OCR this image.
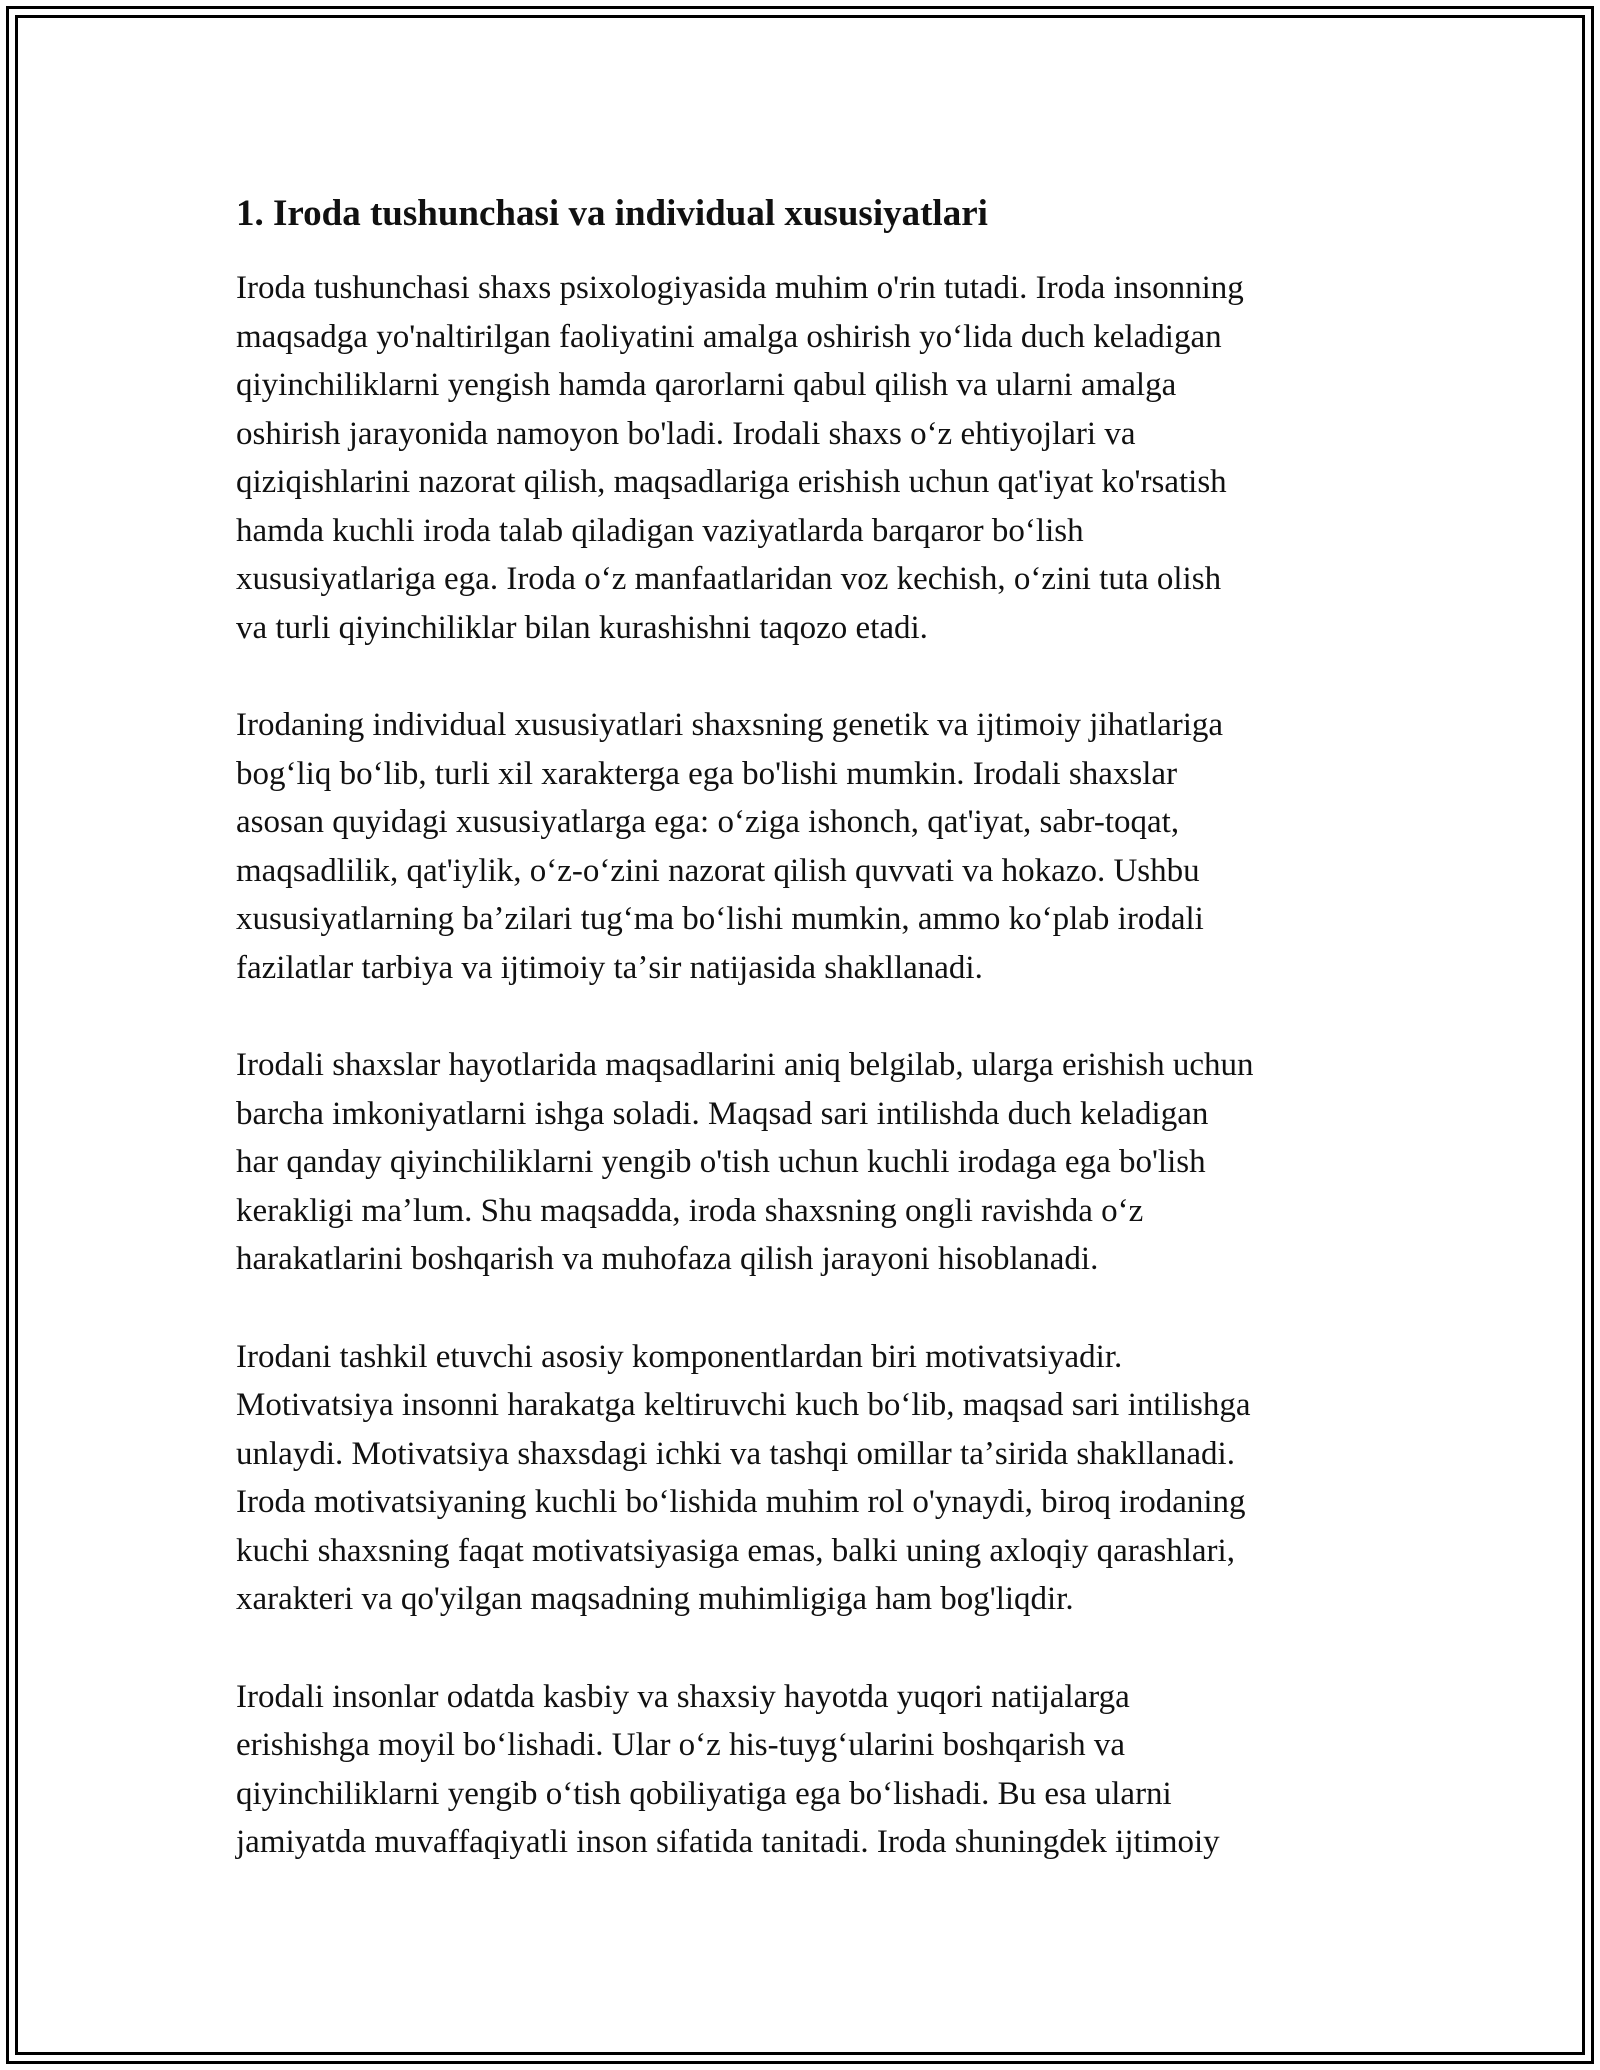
1. Iroda tushunchasi va individual xususiyatlari

Iroda tushunchasi shaxs psixologiyasida muhim o'rin tutadi. Iroda insonning
maqsadga yo'naltirilgan faoliyatini amalga oshirish yoʻlida duch keladigan
qiyinchiliklarni yengish hamda qarorlarni qabul qilish va ularni amalga
oshirish jarayonida namoyon bo'ladi. Irodali shaxs oʻz ehtiyojlari va
qiziqishlarini nazorat qilish, maqsadlariga erishish uchun qat'iyat ko'rsatish
hamda kuchli iroda talab qiladigan vaziyatlarda barqaror boʻlish
xususiyatlariga ega. Iroda oʻz manfaatlaridan voz kechish, oʻzini tuta olish
va turli qiyinchiliklar bilan kurashishni taqozo etadi.

Irodaning individual xususiyatlari shaxsning genetik va ijtimoiy jihatlariga
bogʻliq boʻlib, turli xil xarakterga ega bo'lishi mumkin. Irodali shaxslar
asosan quyidagi xususiyatlarga ega: oʻziga ishonch, qat'iyat, sabr-toqat,
maqsadlilik, qat'iylik, oʻz-oʻzini nazorat qilish quvvati va hokazo. Ushbu
xususiyatlarning baʼzilari tugʻma boʻlishi mumkin, ammo koʻplab irodali
fazilatlar tarbiya va ijtimoiy taʼsir natijasida shakllanadi.

Irodali shaxslar hayotlarida maqsadlarini aniq belgilab, ularga erishish uchun
barcha imkoniyatlarni ishga soladi. Maqsad sari intilishda duch keladigan
har qanday qiyinchiliklarni yengib o'tish uchun kuchli irodaga ega bo'lish
kerakligi maʼlum. Shu maqsadda, iroda shaxsning ongli ravishda oʻz
harakatlarini boshqarish va muhofaza qilish jarayoni hisoblanadi.

Irodani tashkil etuvchi asosiy komponentlardan biri motivatsiyadir.
Motivatsiya insonni harakatga keltiruvchi kuch boʻlib, maqsad sari intilishga
unlaydi. Motivatsiya shaxsdagi ichki va tashqi omillar taʼsirida shakllanadi.
Iroda motivatsiyaning kuchli boʻlishida muhim rol o'ynaydi, biroq irodaning
kuchi shaxsning faqat motivatsiyasiga emas, balki uning axloqiy qarashlari,
xarakteri va qo'yilgan maqsadning muhimligiga ham bog'liqdir.

Irodali insonlar odatda kasbiy va shaxsiy hayotda yuqori natijalarga
erishishga moyil boʻlishadi. Ular oʻz his-tuygʻularini boshqarish va
qiyinchiliklarni yengib oʻtish qobiliyatiga ega boʻlishadi. Bu esa ularni
jamiyatda muvaffaqiyatli inson sifatida tanitadi. Iroda shuningdek ijtimoiy
